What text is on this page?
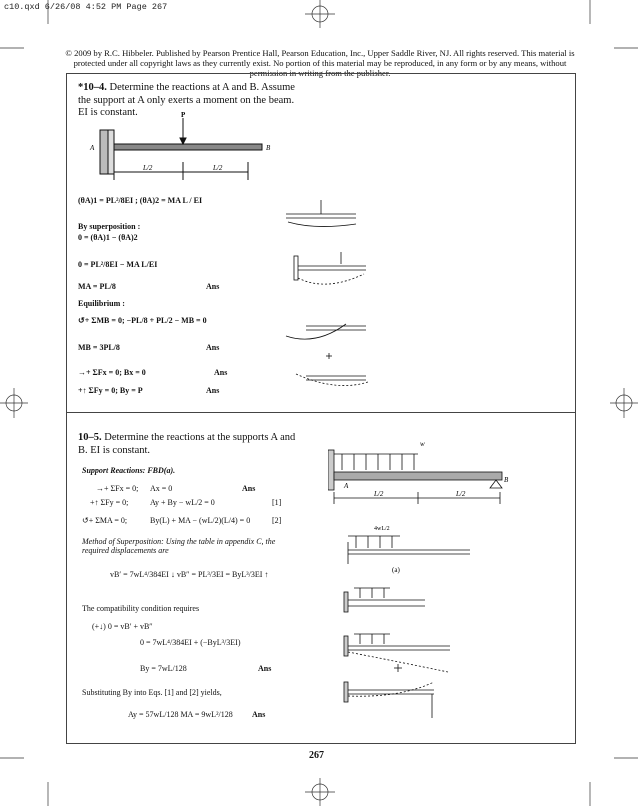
c10.qxd 6/26/08 4:52 PM Page 267
© 2009 by R.C. Hibbeler. Published by Pearson Prentice Hall, Pearson Education, Inc., Upper Saddle River, NJ. All rights reserved. This material is protected under all copyright laws as they currently exist. No portion of this material may be reproduced, in any form or by any means, without permission in writing from the publisher.
*10–4. Determine the reactions at A and B. Assume the support at A only exerts a moment on the beam. EI is constant.	P
A	B
L/2	L/2
(θA)1 = PL²/8EI ; (θA)2 = MA L / EI
By superposition :
0 = (θA)1 − (θA)2
0 = PL²/8EI − MA L/EI
MA = PL/8	Ans
Equilibrium :
↺+ ΣMB = 0; −PL/8 + PL/2 − MB = 0
MB = 3PL/8	Ans
→+ ΣFx = 0; Bx = 0	Ans
+↑ ΣFy = 0; By = P	Ans
10–5. Determine the reactions at the supports A and B. EI is constant.
w
A
B
L/2	L/2
Support Reactions: FBD(a).
→+ ΣFx = 0; Ax = 0	Ans
+↑ ΣFy = 0;	Ay + By − wL/2 = 0	[1]
↺+ ΣMA = 0;	By(L) + MA − (wL/2)(L/4) = 0	[2]
Method of Superposition: Using the table in appendix C, the required displacements are
vB′ = 7wL⁴/384EI ↓ vB″ = PL³/3EI = ByL³/3EI ↑
The compatibility condition requires
(+↓) 0 = vB′ + vB″
0 = 7wL⁴/384EI + (−ByL³/3EI)
By = 7wL/128	Ans
Substituting By into Eqs. [1] and [2] yields,
Ay = 57wL/128 MA = 9wL²/128 Ans
(a)
4wL/2
267
